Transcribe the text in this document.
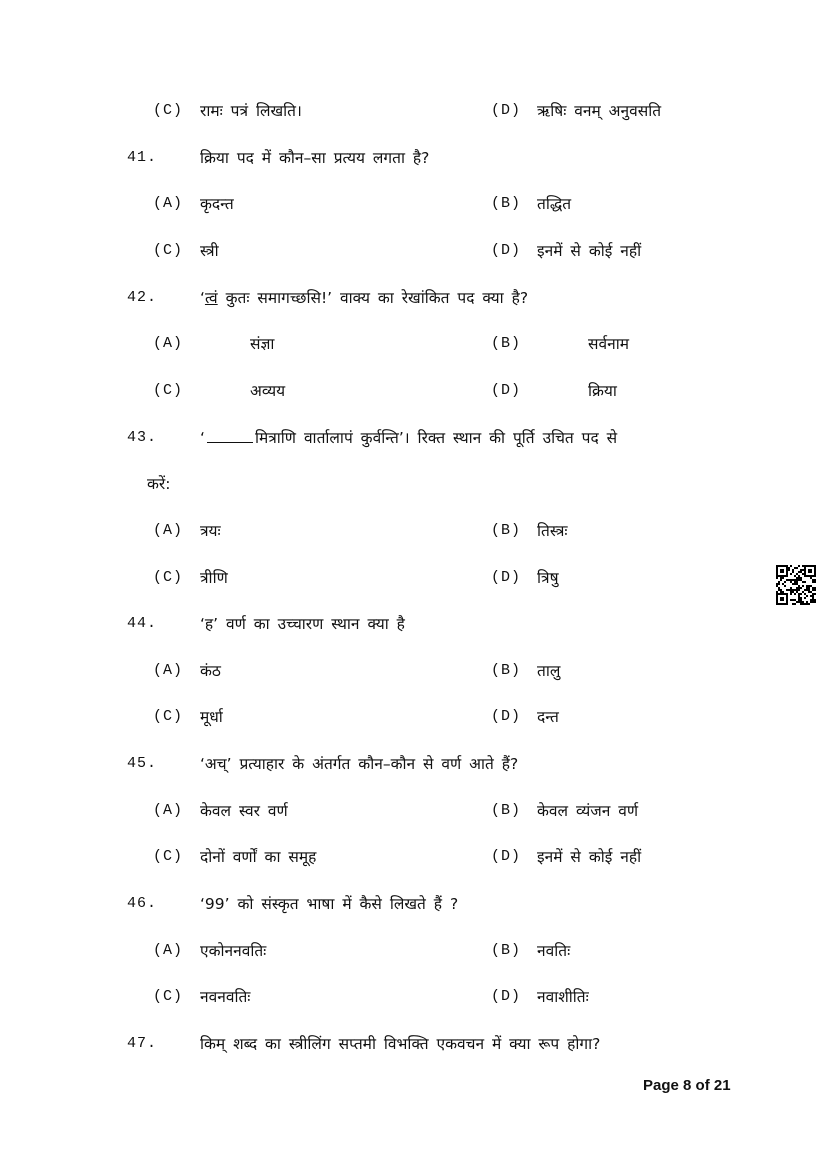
(C) रामः पत्रं लिखति।	(D) ऋषिः वनम् अनुवसति
41.	क्रिया पद में कौन–सा प्रत्यय लगता है?
(A) कृदन्त	(B) तद्धित
(C) स्त्री	(D) इनमें से कोई नहीं
42.	‘त्वं कुतः समागच्छसि!’ वाक्य का रेखांकित पद क्या है?
(A)	संज्ञा	(B)	सर्वनाम
(C)	अव्यय	(D)	क्रिया
43.	‘	मित्राणि वार्तालापं कुर्वन्ति’। रिक्त स्थान की पूर्ति उचित पद से
करें:
(A) त्रयः	(B) तिस्त्रः
(C) त्रीणि	(D) त्रिषु
44.	‘ह’ वर्ण का उच्चारण स्थान क्या है
(A) कंठ	(B) तालु
(C) मूर्धा	(D) दन्त
45.	‘अच्’ प्रत्याहार के अंतर्गत कौन–कौन से वर्ण आते हैं?
(A) केवल स्वर वर्ण	(B) केवल व्यंजन वर्ण
(C) दोनों वर्णों का समूह	(D) इनमें से कोई नहीं
46.	‘99’ को संस्कृत भाषा में कैसे लिखते हैं ?
(A) एकोननवतिः	(B) नवतिः
(C) नवनवतिः	(D) नवाशीतिः
47.	किम् शब्द का स्त्रीलिंग सप्तमी विभक्ति एकवचन में क्या रूप होगा?
Page 8 of 21
